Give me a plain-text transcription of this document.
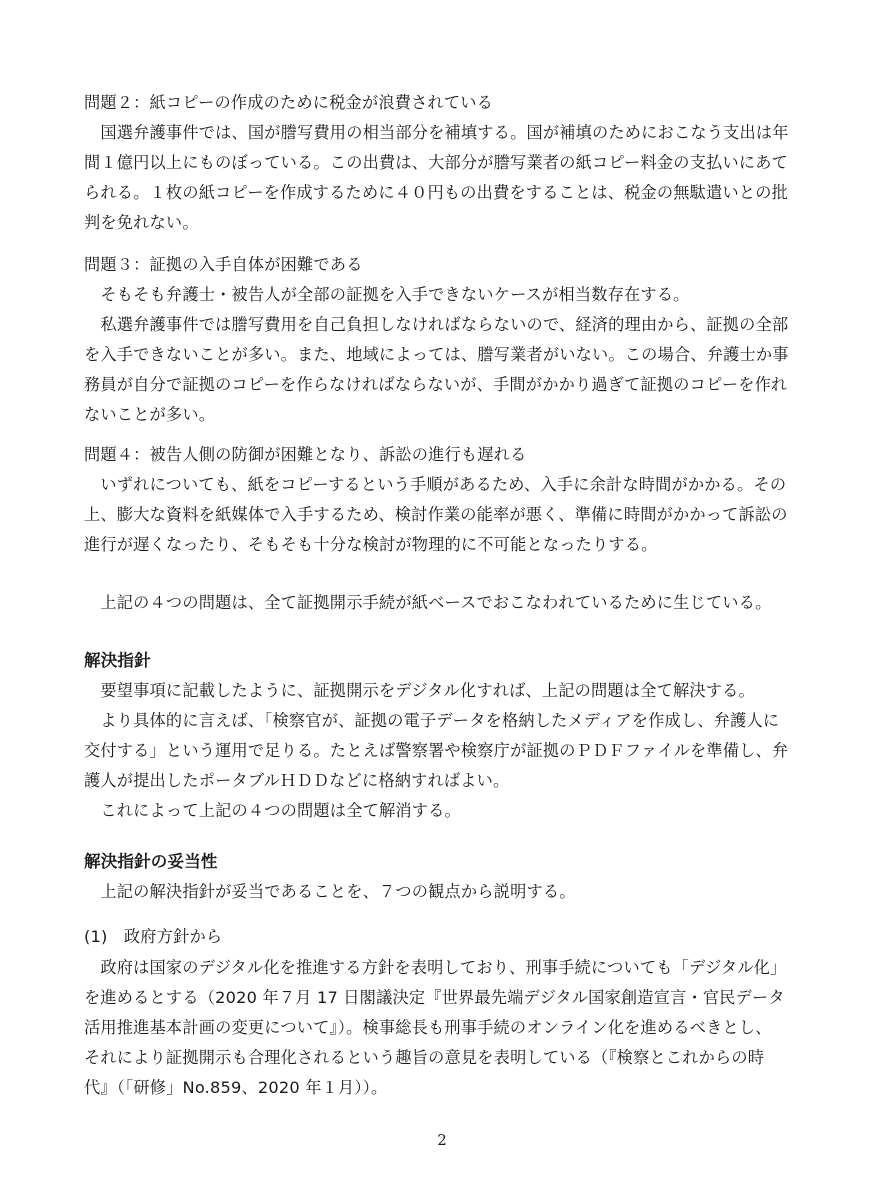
問題２：紙コピーの作成のために税金が浪費されている
　国選弁護事件では、国が謄写費用の相当部分を補填する。国が補填のためにおこなう支出は年
間１億円以上にものぼっている。この出費は、大部分が謄写業者の紙コピー料金の支払いにあて
られる。１枚の紙コピーを作成するために４０円もの出費をすることは、税金の無駄遣いとの批
判を免れない。
問題３：証拠の入手自体が困難である
　そもそも弁護士・被告人が全部の証拠を入手できないケースが相当数存在する。
　私選弁護事件では謄写費用を自己負担しなければならないので、経済的理由から、証拠の全部
を入手できないことが多い。また、地域によっては、謄写業者がいない。この場合、弁護士か事
務員が自分で証拠のコピーを作らなければならないが、手間がかかり過ぎて証拠のコピーを作れ
ないことが多い。
問題４：被告人側の防御が困難となり、訴訟の進行も遅れる
　いずれについても、紙をコピーするという手順があるため、入手に余計な時間がかかる。その
上、膨大な資料を紙媒体で入手するため、検討作業の能率が悪く、準備に時間がかかって訴訟の
進行が遅くなったり、そもそも十分な検討が物理的に不可能となったりする。
　上記の４つの問題は、全て証拠開示手続が紙ベースでおこなわれているために生じている。
解決指針
　要望事項に記載したように、証拠開示をデジタル化すれば、上記の問題は全て解決する。
　より具体的に言えば、「検察官が、証拠の電子データを格納したメディアを作成し、弁護人に
交付する」という運用で足りる。たとえば警察署や検察庁が証拠のＰＤＦファイルを準備し、弁
護人が提出したポータブルＨＤＤなどに格納すればよい。
　これによって上記の４つの問題は全て解消する。
解決指針の妥当性
　上記の解決指針が妥当であることを、７つの観点から説明する。
(1)　政府方針から
　政府は国家のデジタル化を推進する方針を表明しており、刑事手続についても「デジタル化」
を進めるとする（2020 年７月 17 日閣議決定『世界最先端デジタル国家創造宣言・官民データ
活用推進基本計画の変更について』）。検事総長も刑事手続のオンライン化を進めるべきとし、
それにより証拠開示も合理化されるという趣旨の意見を表明している（『検察とこれからの時
代』（「研修」No.859、2020 年１月））。
2
